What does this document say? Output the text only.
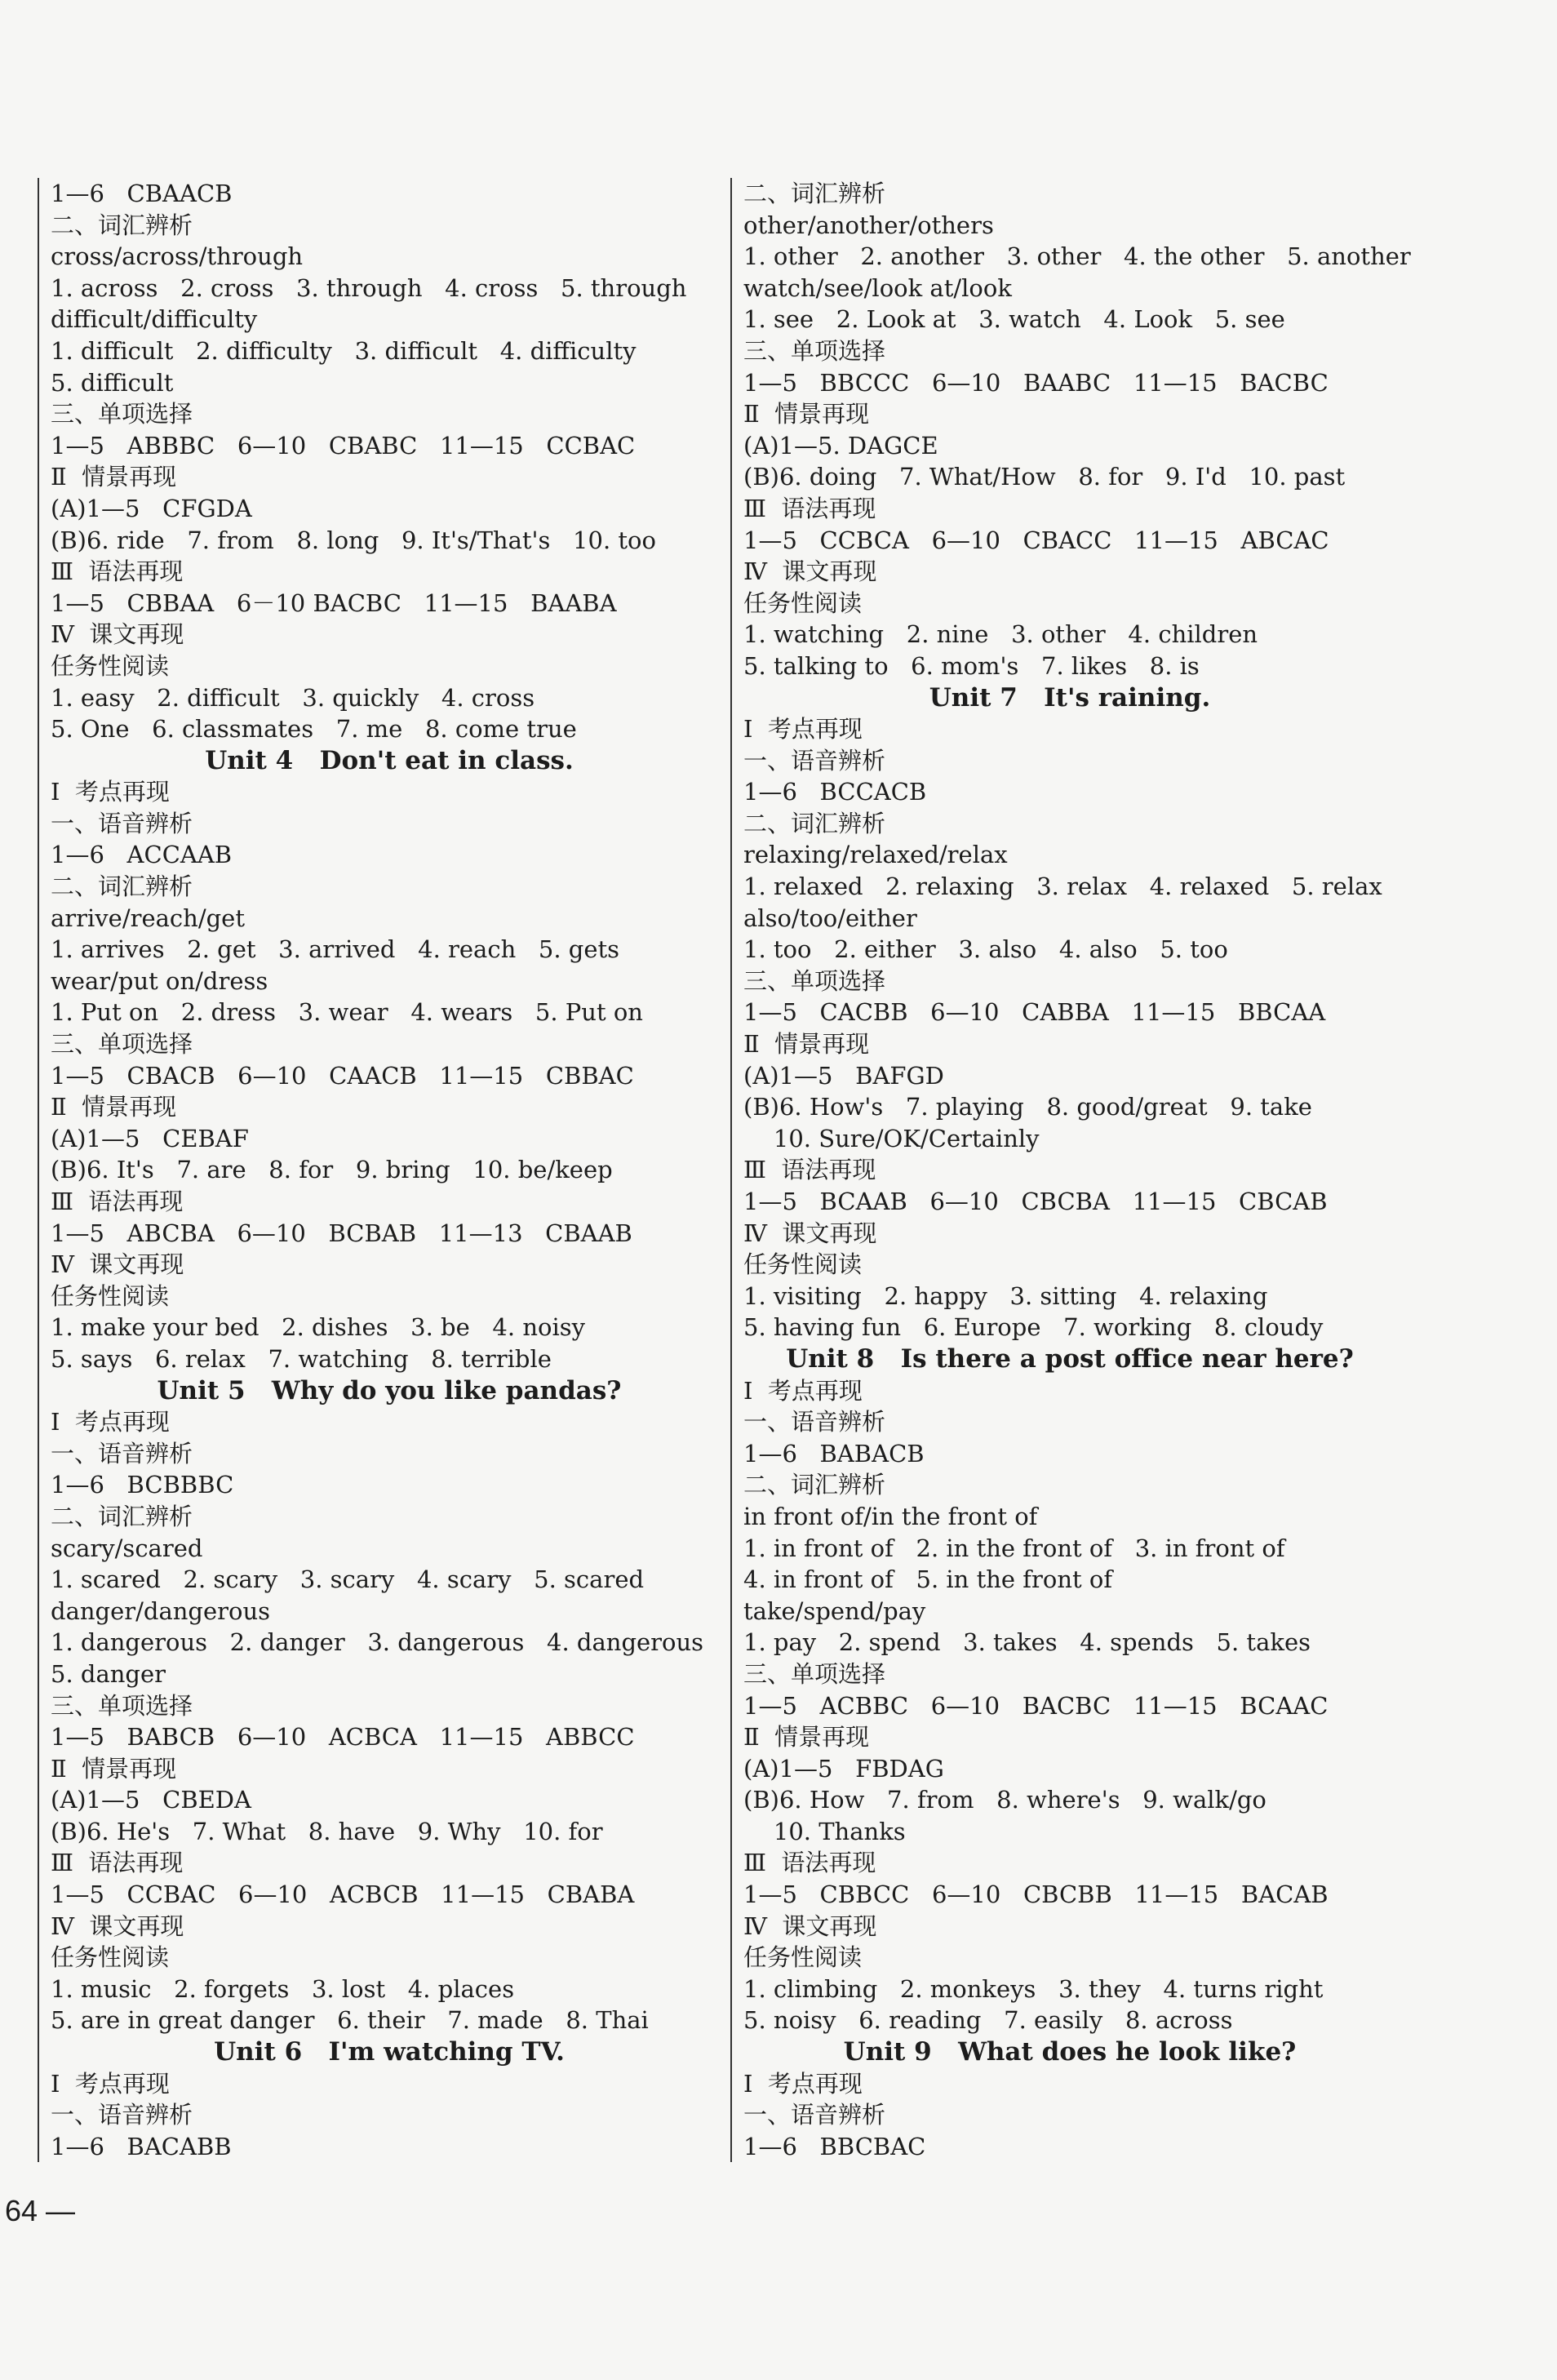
1—6   CBAACB
二、词汇辨析
cross/across/through
1. across   2. cross   3. through   4. cross   5. through
difficult/difficulty
1. difficult   2. difficulty   3. difficult   4. difficulty
5. difficult
三、单项选择
1—5   ABBBC   6—10   CBABC   11—15   CCBAC
Ⅱ  情景再现
(A)1—5   CFGDA
(B)6. ride   7. from   8. long   9. It's/That's   10. too
Ⅲ  语法再现
1—5   CBBAA   6－10 BACBC   11—15   BAABA
Ⅳ  课文再现
任务性阅读
1. easy   2. difficult   3. quickly   4. cross
5. One   6. classmates   7. me   8. come true
Unit 4   Don't eat in class.
Ⅰ  考点再现
一、语音辨析
1—6   ACCAAB
二、词汇辨析
arrive/reach/get
1. arrives   2. get   3. arrived   4. reach   5. gets
wear/put on/dress
1. Put on   2. dress   3. wear   4. wears   5. Put on
三、单项选择
1—5   CBACB   6—10   CAACB   11—15   CBBAC
Ⅱ  情景再现
(A)1—5   CEBAF
(B)6. It's   7. are   8. for   9. bring   10. be/keep
Ⅲ  语法再现
1—5   ABCBA   6—10   BCBAB   11—13   CBAAB
Ⅳ  课文再现
任务性阅读
1. make your bed   2. dishes   3. be   4. noisy
5. says   6. relax   7. watching   8. terrible
Unit 5   Why do you like pandas?
Ⅰ  考点再现
一、语音辨析
1—6   BCBBBC
二、词汇辨析
scary/scared
1. scared   2. scary   3. scary   4. scary   5. scared
danger/dangerous
1. dangerous   2. danger   3. dangerous   4. dangerous
5. danger
三、单项选择
1—5   BABCB   6—10   ACBCA   11—15   ABBCC
Ⅱ  情景再现
(A)1—5   CBEDA
(B)6. He's   7. What   8. have   9. Why   10. for
Ⅲ  语法再现
1—5   CCBAC   6—10   ACBCB   11—15   CBABA
Ⅳ  课文再现
任务性阅读
1. music   2. forgets   3. lost   4. places
5. are in great danger   6. their   7. made   8. Thai
Unit 6   I'm watching TV.
Ⅰ  考点再现
一、语音辨析
1—6   BACABB
二、词汇辨析
other/another/others
1. other   2. another   3. other   4. the other   5. another
watch/see/look at/look
1. see   2. Look at   3. watch   4. Look   5. see
三、单项选择
1—5   BBCCC   6—10   BAABC   11—15   BACBC
Ⅱ  情景再现
(A)1—5. DAGCE
(B)6. doing   7. What/How   8. for   9. I'd   10. past
Ⅲ  语法再现
1—5   CCBCA   6—10   CBACC   11—15   ABCAC
Ⅳ  课文再现
任务性阅读
1. watching   2. nine   3. other   4. children
5. talking to   6. mom's   7. likes   8. is
Unit 7   It's raining.
Ⅰ  考点再现
一、语音辨析
1—6   BCCACB
二、词汇辨析
relaxing/relaxed/relax
1. relaxed   2. relaxing   3. relax   4. relaxed   5. relax
also/too/either
1. too   2. either   3. also   4. also   5. too
三、单项选择
1—5   CACBB   6—10   CABBA   11—15   BBCAA
Ⅱ  情景再现
(A)1—5   BAFGD
(B)6. How's   7. playing   8. good/great   9. take
10. Sure/OK/Certainly
Ⅲ  语法再现
1—5   BCAAB   6—10   CBCBA   11—15   CBCAB
Ⅳ  课文再现
任务性阅读
1. visiting   2. happy   3. sitting   4. relaxing
5. having fun   6. Europe   7. working   8. cloudy
Unit 8   Is there a post office near here?
Ⅰ  考点再现
一、语音辨析
1—6   BABACB
二、词汇辨析
in front of/in the front of
1. in front of   2. in the front of   3. in front of
4. in front of   5. in the front of
take/spend/pay
1. pay   2. spend   3. takes   4. spends   5. takes
三、单项选择
1—5   ACBBC   6—10   BACBC   11—15   BCAAC
Ⅱ  情景再现
(A)1—5   FBDAG
(B)6. How   7. from   8. where's   9. walk/go
10. Thanks
Ⅲ  语法再现
1—5   CBBCC   6—10   CBCBB   11—15   BACAB
Ⅳ  课文再现
任务性阅读
1. climbing   2. monkeys   3. they   4. turns right
5. noisy   6. reading   7. easily   8. across
Unit 9   What does he look like?
Ⅰ  考点再现
一、语音辨析
1—6   BBCBAC
64 —
